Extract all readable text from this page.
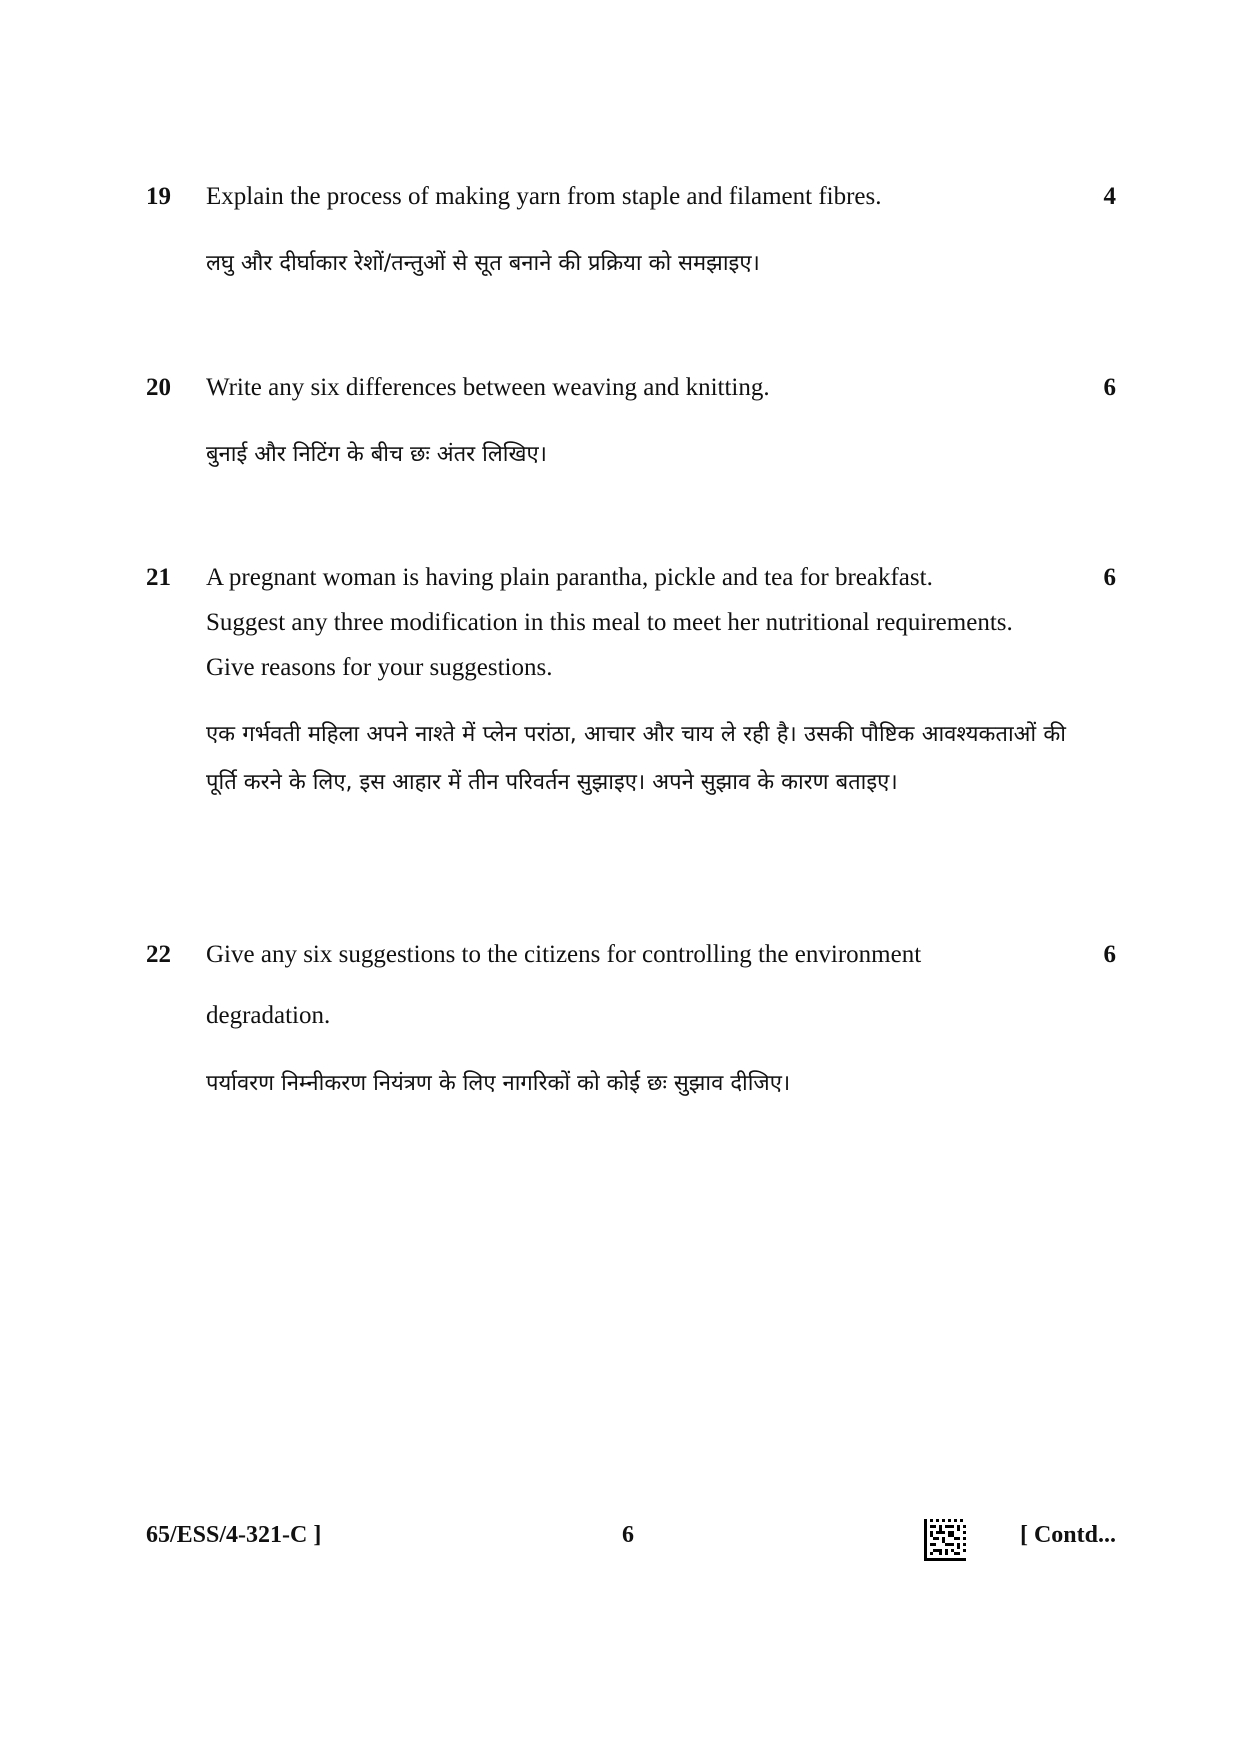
19	4
Explain the process of making yarn from staple and filament fibres.
लघु और दीर्घाकार रेशों/तन्तुओं से सूत बनाने की प्रक्रिया को समझाइए।
20	6
Write any six differences between weaving and knitting.
बुनाई और निटिंग के बीच छः अंतर लिखिए।
21	6
A pregnant woman is having plain parantha, pickle and tea for breakfast.
Suggest any three modification in this meal to meet her nutritional requirements.
Give reasons for your suggestions.
एक गर्भवती महिला अपने नाश्ते में प्लेन परांठा, आचार और चाय ले रही है। उसकी पौष्टिक आवश्यकताओं की पूर्ति करने के लिए, इस आहार में तीन परिवर्तन सुझाइए। अपने सुझाव के कारण बताइए।
22	6
Give any six suggestions to the citizens for controlling the environment
degradation.
पर्यावरण निम्नीकरण नियंत्रण के लिए नागरिकों को कोई छः सुझाव दीजिए।
65/ESS/4-321-C ]	6	[ Contd...
